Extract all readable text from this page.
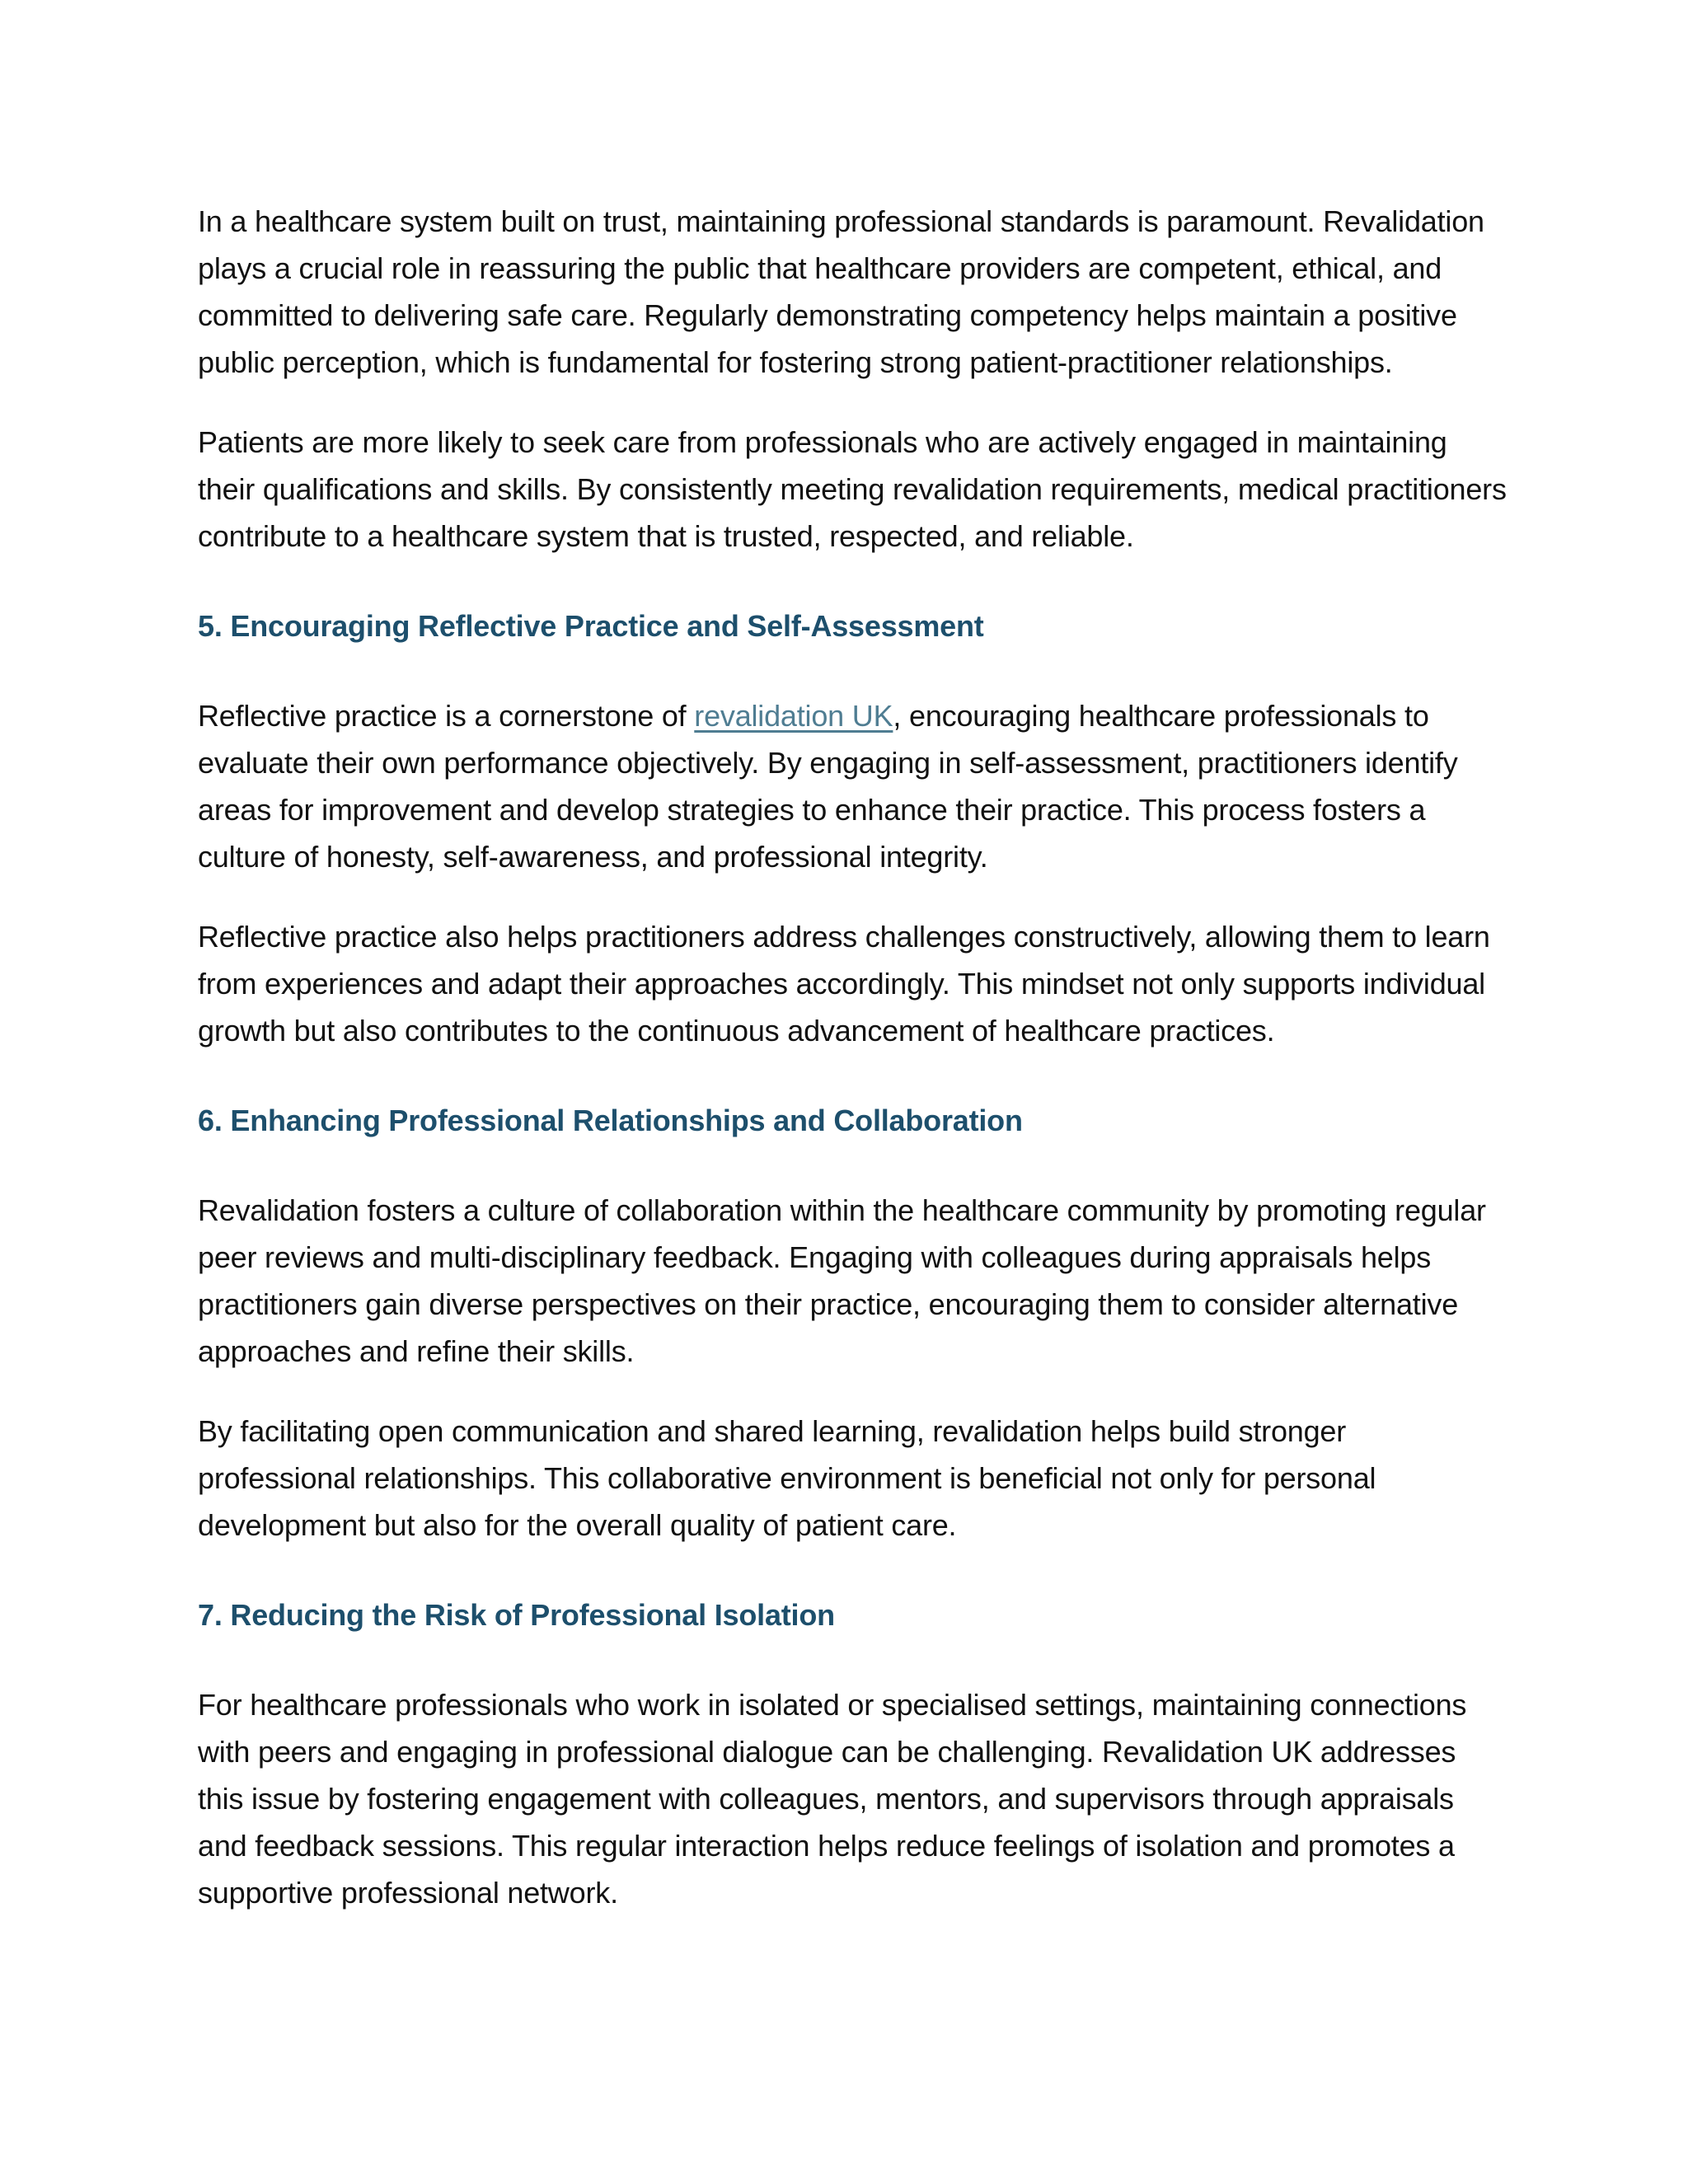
In a healthcare system built on trust, maintaining professional standards is paramount. Revalidation plays a crucial role in reassuring the public that healthcare providers are competent, ethical, and committed to delivering safe care. Regularly demonstrating competency helps maintain a positive public perception, which is fundamental for fostering strong patient-practitioner relationships.

Patients are more likely to seek care from professionals who are actively engaged in maintaining their qualifications and skills. By consistently meeting revalidation requirements, medical practitioners contribute to a healthcare system that is trusted, respected, and reliable.

5. Encouraging Reflective Practice and Self-Assessment

Reflective practice is a cornerstone of revalidation UK, encouraging healthcare professionals to evaluate their own performance objectively. By engaging in self-assessment, practitioners identify areas for improvement and develop strategies to enhance their practice. This process fosters a culture of honesty, self-awareness, and professional integrity.

Reflective practice also helps practitioners address challenges constructively, allowing them to learn from experiences and adapt their approaches accordingly. This mindset not only supports individual growth but also contributes to the continuous advancement of healthcare practices.

6. Enhancing Professional Relationships and Collaboration

Revalidation fosters a culture of collaboration within the healthcare community by promoting regular peer reviews and multi-disciplinary feedback. Engaging with colleagues during appraisals helps practitioners gain diverse perspectives on their practice, encouraging them to consider alternative approaches and refine their skills.

By facilitating open communication and shared learning, revalidation helps build stronger professional relationships. This collaborative environment is beneficial not only for personal development but also for the overall quality of patient care.

7. Reducing the Risk of Professional Isolation

For healthcare professionals who work in isolated or specialised settings, maintaining connections with peers and engaging in professional dialogue can be challenging. Revalidation UK addresses this issue by fostering engagement with colleagues, mentors, and supervisors through appraisals and feedback sessions. This regular interaction helps reduce feelings of isolation and promotes a supportive professional network.
